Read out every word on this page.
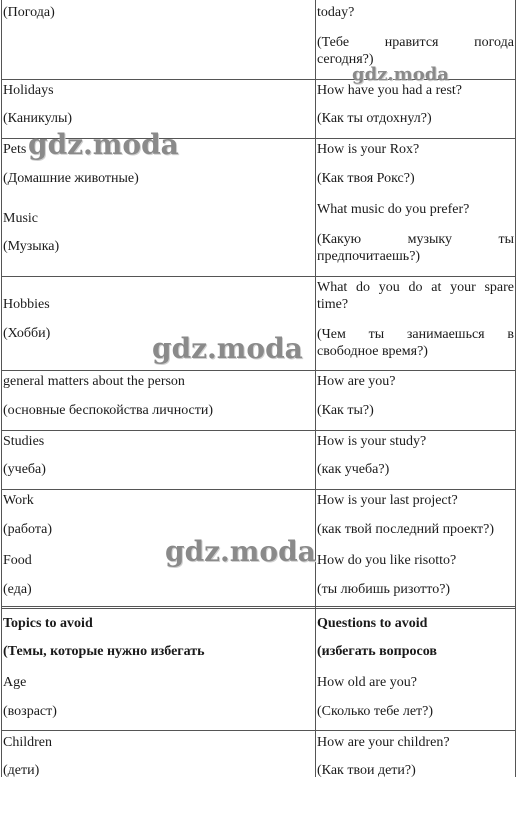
(Погода)	today?
(Тебе нравится погода
сегодня?)
Holidays
(Каникулы)
How have you had a rest?
(Как ты отдохнул?)
Pets
(Домашние животные)
Music
(Музыка)
How is your Rox?
(Как твоя Рокс?)
What music do you prefer?
(Какую музыку ты
предпочитаешь?)
Hobbies
(Хобби)
What do you do at your spare
time?
(Чем ты занимаешься в
свободное время?)
general matters about the person
(основные беспокойства личности)
How are you?
(Как ты?)
Studies
(учеба)
How is your study?
(как учеба?)
Work
(работа)
Food
(еда)
How is your last project?
(как твой последний проект?)
How do you like risotto?
(ты любишь ризотто?)
Topics to avoid
(Темы, которые нужно избегать
Age
(возраст)
Questions to avoid
(избегать вопросов
How old are you?
(Сколько тебе лет?)
Children
(дети)
How are your children?
(Как твои дети?)
gdz.moda
gdz.moda
gdz.moda
gdz.moda
